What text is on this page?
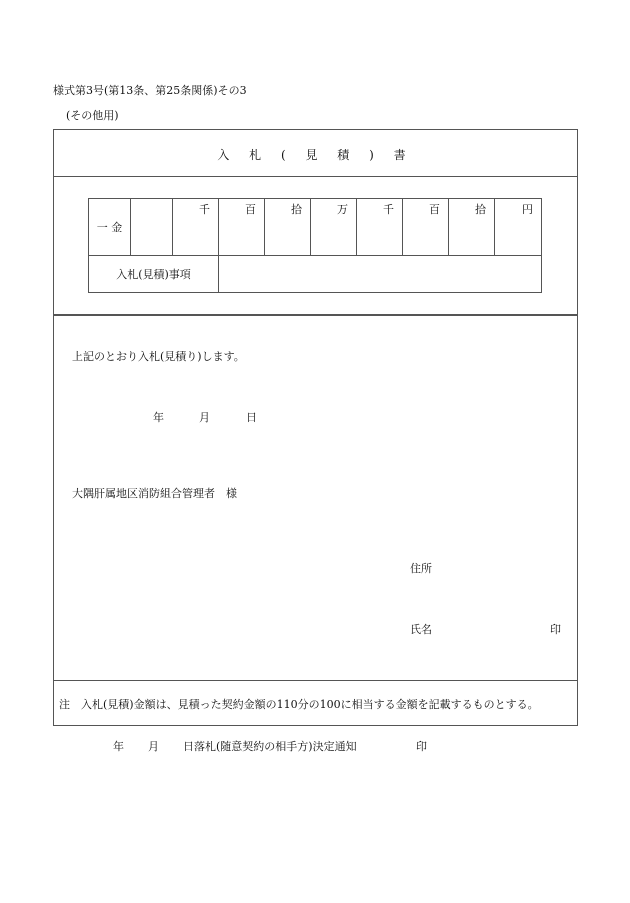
様式第3号(第13条、第25条関係)その3
(その他用)
入 札 ( 見 積 ) 書
一 金		千	百	拾	万	千	百	拾	円
入札(見積)事項									
上記のとおり入札(見積り)します。
年	月	日
大隅肝属地区消防組合管理者　様
住所
氏名	印
注　入札(見積)金額は、見積った契約金額の110分の100に相当する金額を記載するものとする。
年 月 日落札(随意契約の相手方)決定通知	印
